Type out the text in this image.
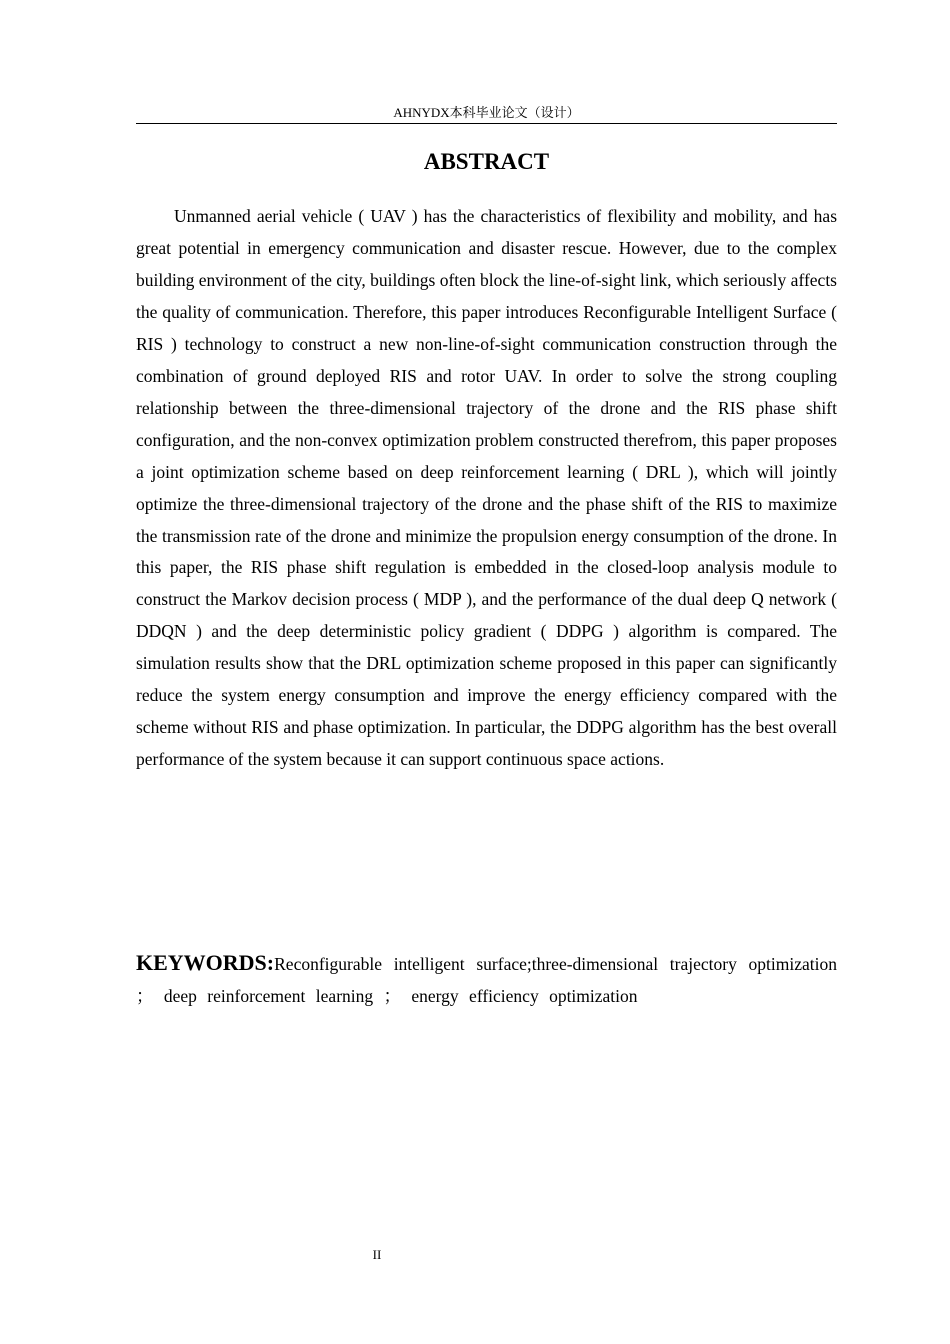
AHNYDX本科毕业论文（设计）
ABSTRACT

Unmanned aerial vehicle ( UAV ) has the characteristics of flexibility and mobility, and has great potential in emergency communication and disaster rescue. However, due to the complex building environment of the city, buildings often block the line-of-sight link, which seriously affects the quality of communication. Therefore, this paper introduces Reconfigurable Intelligent Surface ( RIS ) technology to construct a new non-line-of-sight communication construction through the combination of ground deployed RIS and rotor UAV. In order to solve the strong coupling relationship between the three-dimensional trajectory of the drone and the RIS phase shift configuration, and the non-convex optimization problem constructed therefrom, this paper proposes a joint optimization scheme based on deep reinforcement learning ( DRL ), which will jointly optimize the three-dimensional trajectory of the drone and the phase shift of the RIS to maximize the transmission rate of the drone and minimize the propulsion energy consumption of the drone. In this paper, the RIS phase shift regulation is embedded in the closed-loop analysis module to construct the Markov decision process ( MDP ), and the performance of the dual deep Q network ( DDQN ) and the deep deterministic policy gradient ( DDPG ) algorithm is compared. The simulation results show that the DRL optimization scheme proposed in this paper can significantly reduce the system energy consumption and improve the energy efficiency compared with the scheme without RIS and phase optimization. In particular, the DDPG algorithm has the best overall performance of the system because it can support continuous space actions.

KEYWORDS:Reconfigurable intelligent surface;three-dimensional trajectory optimization ； deep reinforcement learning ； energy efficiency optimization

II
